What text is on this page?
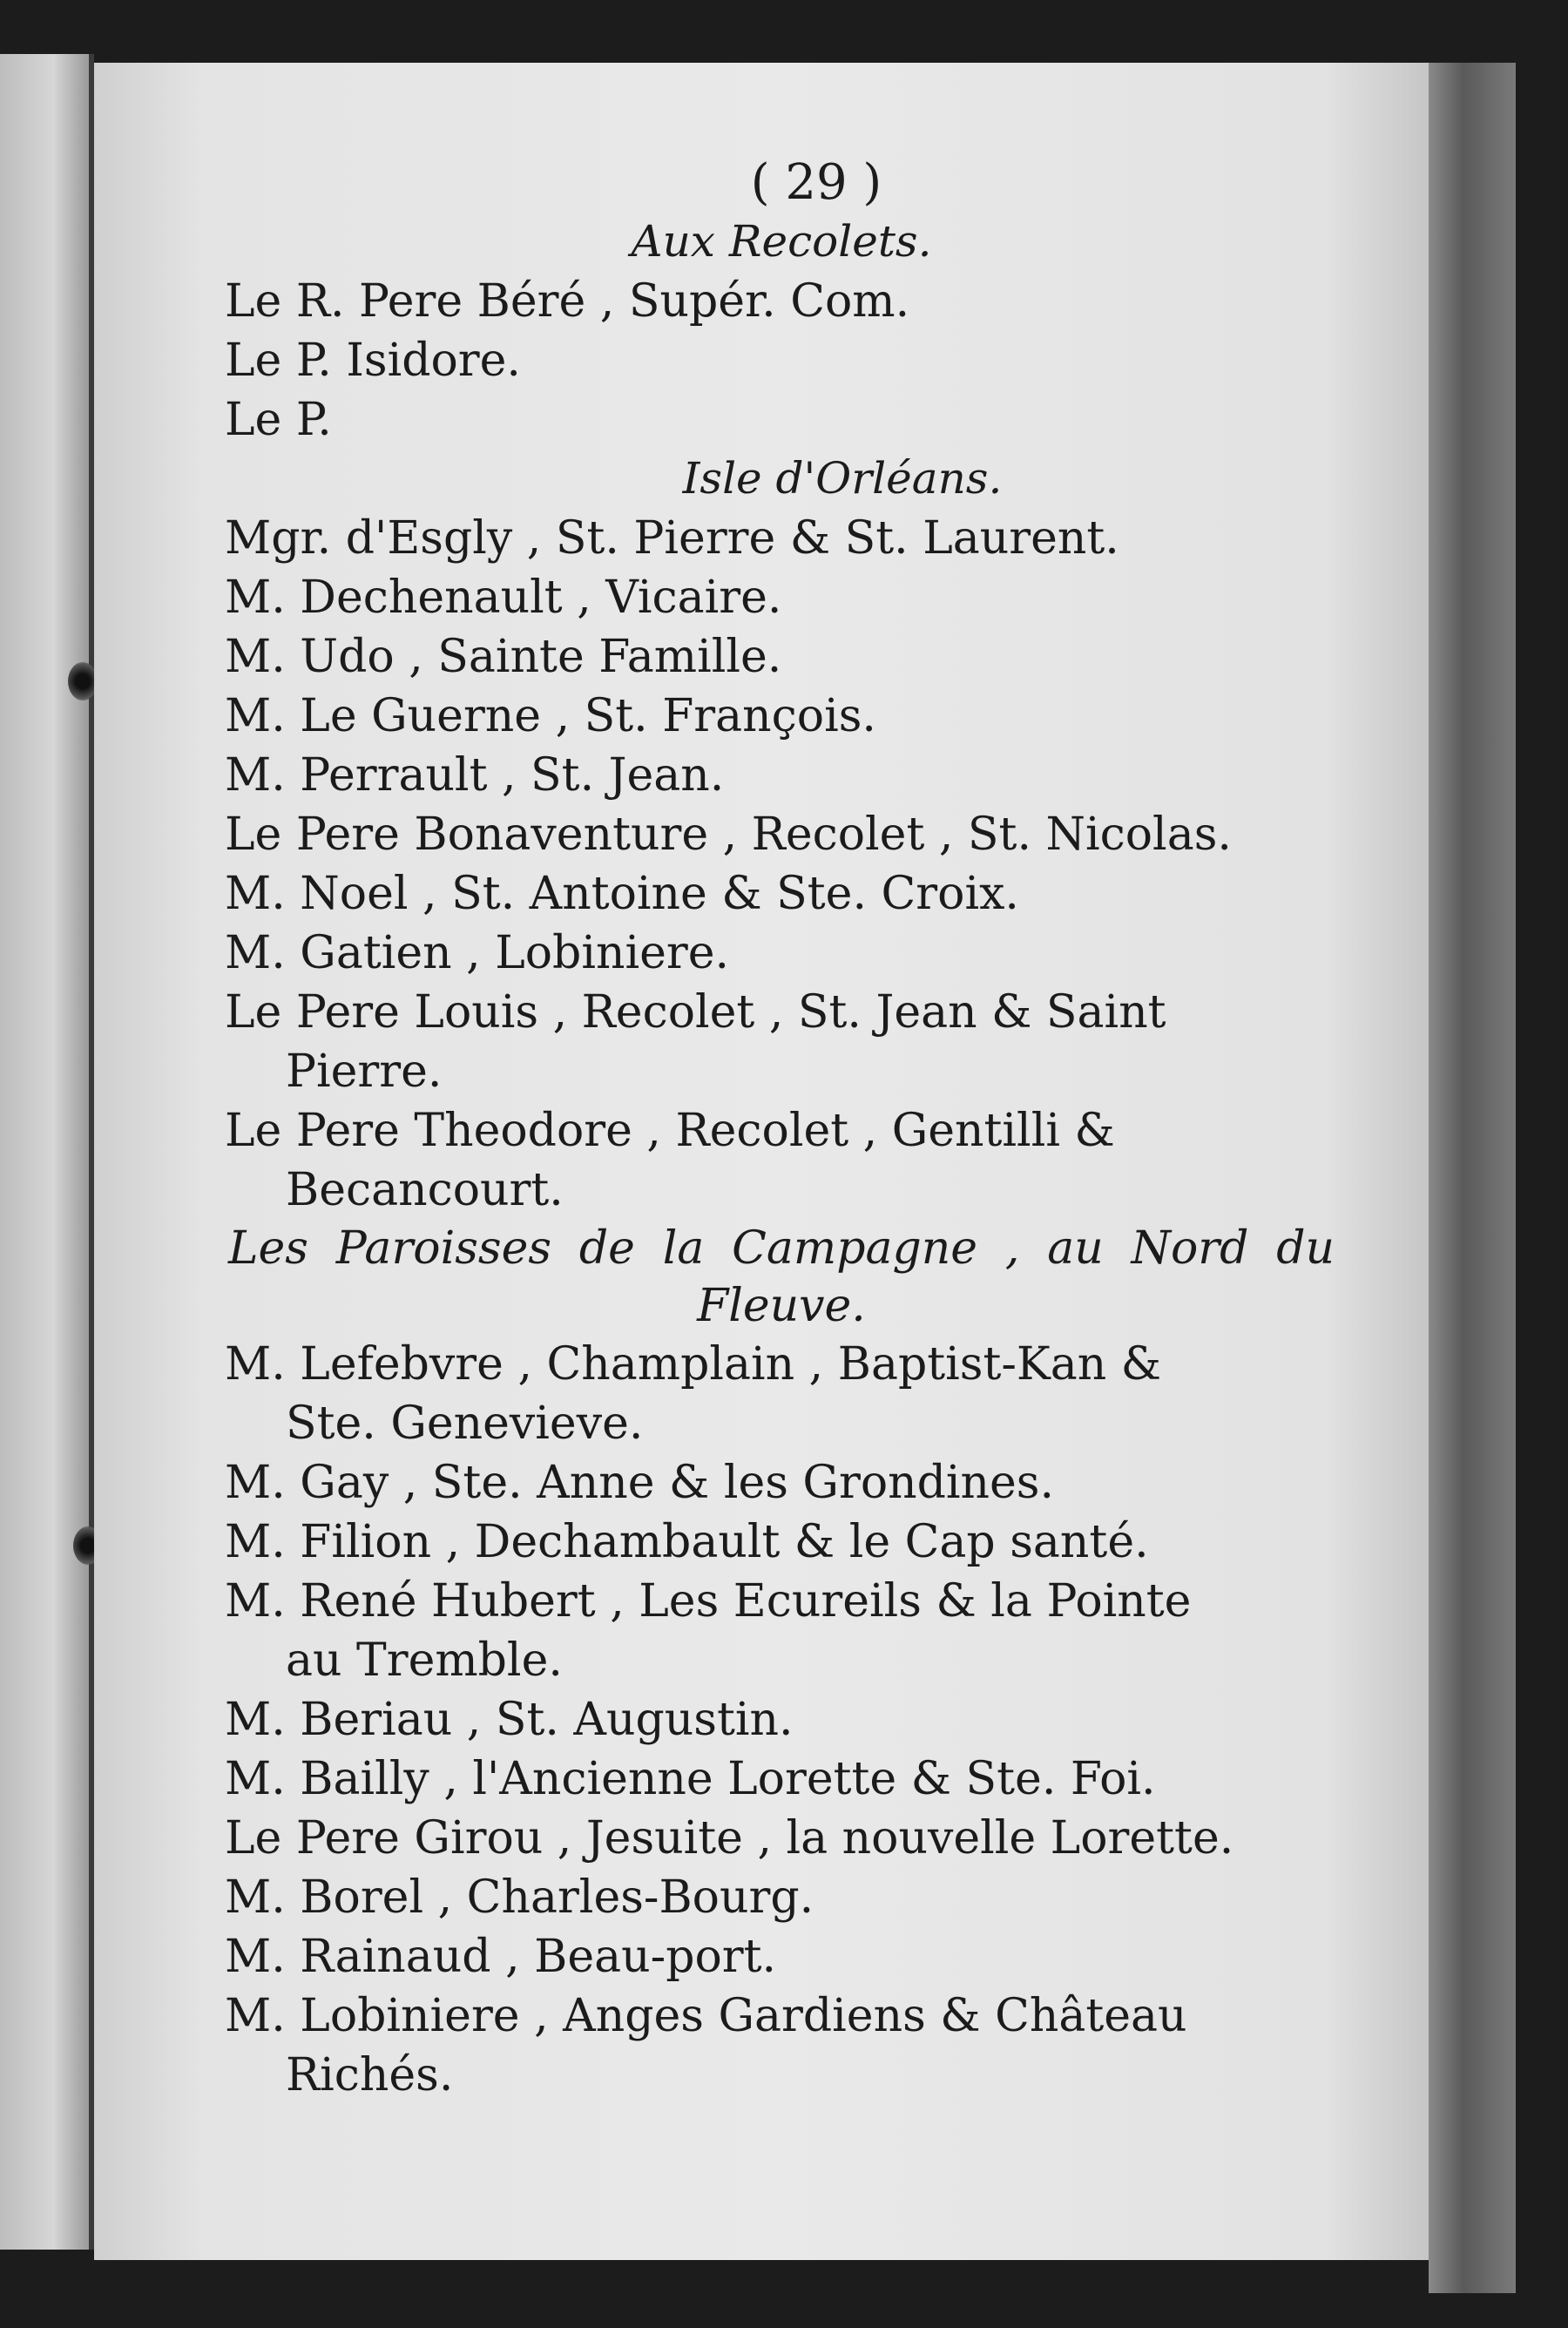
( 29 )
Aux Recolets.
Le R. Pere Béré , Supér. Com.
Le P. Isidore.
Le P.
Isle d'Orléans.
Mgr. d'Esgly , St. Pierre & St. Laurent.
M. Dechenault , Vicaire.
M. Udo , Sainte Famille.
M. Le Guerne , St. François.
M. Perrault , St. Jean.
Le Pere Bonaventure , Recolet , St. Nicolas.
M. Noel , St. Antoine & Ste. Croix.
M. Gatien , Lobiniere.
Le Pere Louis , Recolet , St. Jean & Saint
Pierre.
Le Pere Theodore , Recolet , Gentilli &
Becancourt.
Les Paroisses de la Campagne , au Nord du Fleuve.
M. Lefebvre , Champlain , Baptist-Kan &
Ste. Genevieve.
M. Gay , Ste. Anne & les Grondines.
M. Filion , Dechambault & le Cap santé.
M. René Hubert , Les Ecureils & la Pointe
au Tremble.
M. Beriau , St. Augustin.
M. Bailly , l'Ancienne Lorette & Ste. Foi.
Le Pere Girou , Jesuite , la nouvelle Lorette.
M. Borel , Charles-Bourg.
M. Rainaud , Beau-port.
M. Lobiniere , Anges Gardiens & Château
Richés.
